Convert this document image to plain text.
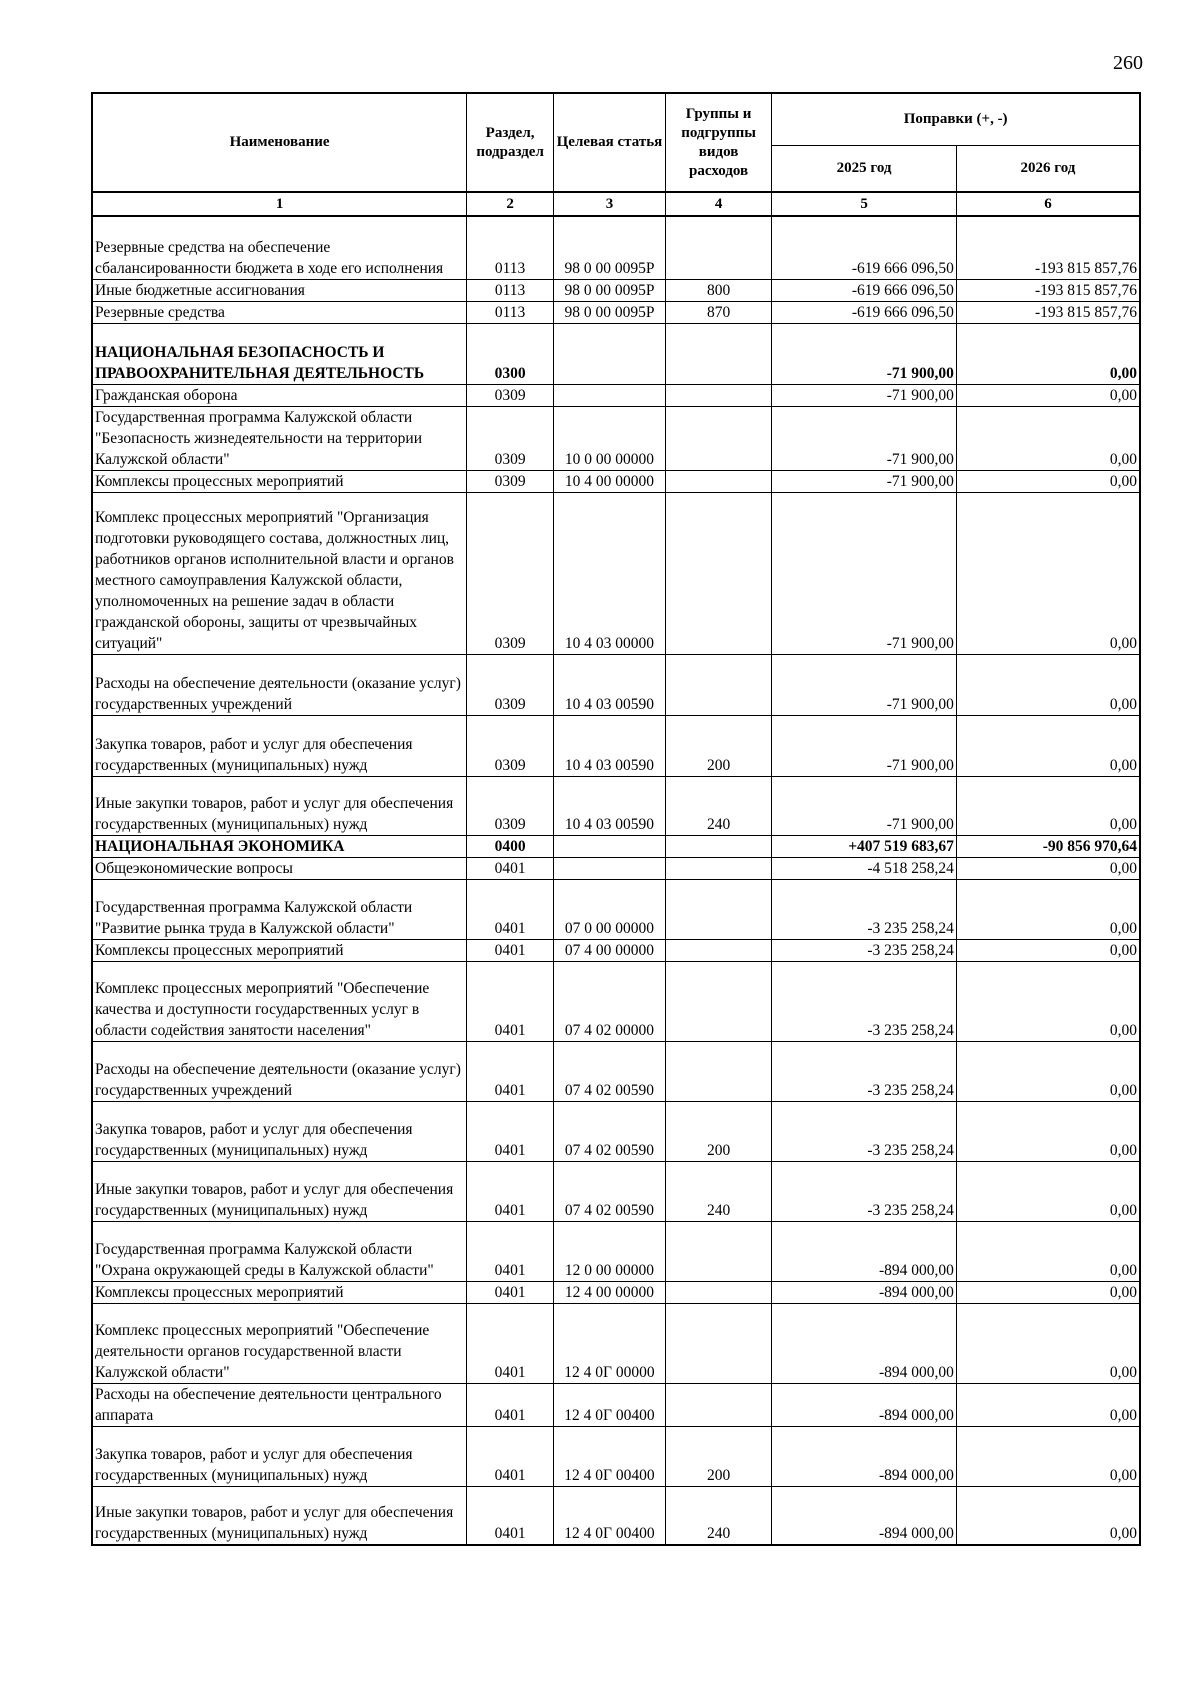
260
Наименование	Раздел, подраздел	Целевая статья	Группы и подгруппы видов расходов	Поправки (+, -)	
				2025 год	2026 год
1	2	3	4	5	6
Резервные средства на обеспечение сбалансированности бюджета в ходе его исполнения	0113	98 0 00 0095Р		-619 666 096,50	-193 815 857,76
Иные бюджетные ассигнования	0113	98 0 00 0095Р	800	-619 666 096,50	-193 815 857,76
Резервные средства	0113	98 0 00 0095Р	870	-619 666 096,50	-193 815 857,76
НАЦИОНАЛЬНАЯ БЕЗОПАСНОСТЬ И ПРАВООХРАНИТЕЛЬНАЯ ДЕЯТЕЛЬНОСТЬ	0300			-71 900,00	0,00
Гражданская оборона	0309			-71 900,00	0,00
Государственная программа Калужской области "Безопасность жизнедеятельности на территории Калужской области"	0309	10 0 00 00000		-71 900,00	0,00
Комплексы процессных мероприятий	0309	10 4 00 00000		-71 900,00	0,00
Комплекс процессных мероприятий "Организация подготовки руководящего состава, должностных лиц, работников органов исполнительной власти и органов местного самоуправления Калужской области, уполномоченных на решение задач в области гражданской обороны, защиты от чрезвычайных ситуаций"	0309	10 4 03 00000		-71 900,00	0,00
Расходы на обеспечение деятельности (оказание услуг) государственных учреждений	0309	10 4 03 00590		-71 900,00	0,00
Закупка товаров, работ и услуг для обеспечения государственных (муниципальных) нужд	0309	10 4 03 00590	200	-71 900,00	0,00
Иные закупки товаров, работ и услуг для обеспечения государственных (муниципальных) нужд	0309	10 4 03 00590	240	-71 900,00	0,00
НАЦИОНАЛЬНАЯ ЭКОНОМИКА	0400			+407 519 683,67	-90 856 970,64
Общеэкономические вопросы	0401			-4 518 258,24	0,00
Государственная программа Калужской области "Развитие рынка труда в Калужской области"	0401	07 0 00 00000		-3 235 258,24	0,00
Комплексы процессных мероприятий	0401	07 4 00 00000		-3 235 258,24	0,00
Комплекс процессных мероприятий "Обеспечение качества и доступности государственных услуг в области содействия занятости населения"	0401	07 4 02 00000		-3 235 258,24	0,00
Расходы на обеспечение деятельности (оказание услуг) государственных учреждений	0401	07 4 02 00590		-3 235 258,24	0,00
Закупка товаров, работ и услуг для обеспечения государственных (муниципальных) нужд	0401	07 4 02 00590	200	-3 235 258,24	0,00
Иные закупки товаров, работ и услуг для обеспечения государственных (муниципальных) нужд	0401	07 4 02 00590	240	-3 235 258,24	0,00
Государственная программа Калужской области "Охрана окружающей среды в Калужской области"	0401	12 0 00 00000		-894 000,00	0,00
Комплексы процессных мероприятий	0401	12 4 00 00000		-894 000,00	0,00
Комплекс процессных мероприятий "Обеспечение деятельности органов государственной власти Калужской области"	0401	12 4 0Г 00000		-894 000,00	0,00
Расходы на обеспечение деятельности центрального аппарата	0401	12 4 0Г 00400		-894 000,00	0,00
Закупка товаров, работ и услуг для обеспечения государственных (муниципальных) нужд	0401	12 4 0Г 00400	200	-894 000,00	0,00
Иные закупки товаров, работ и услуг для обеспечения государственных (муниципальных) нужд	0401	12 4 0Г 00400	240	-894 000,00	0,00
